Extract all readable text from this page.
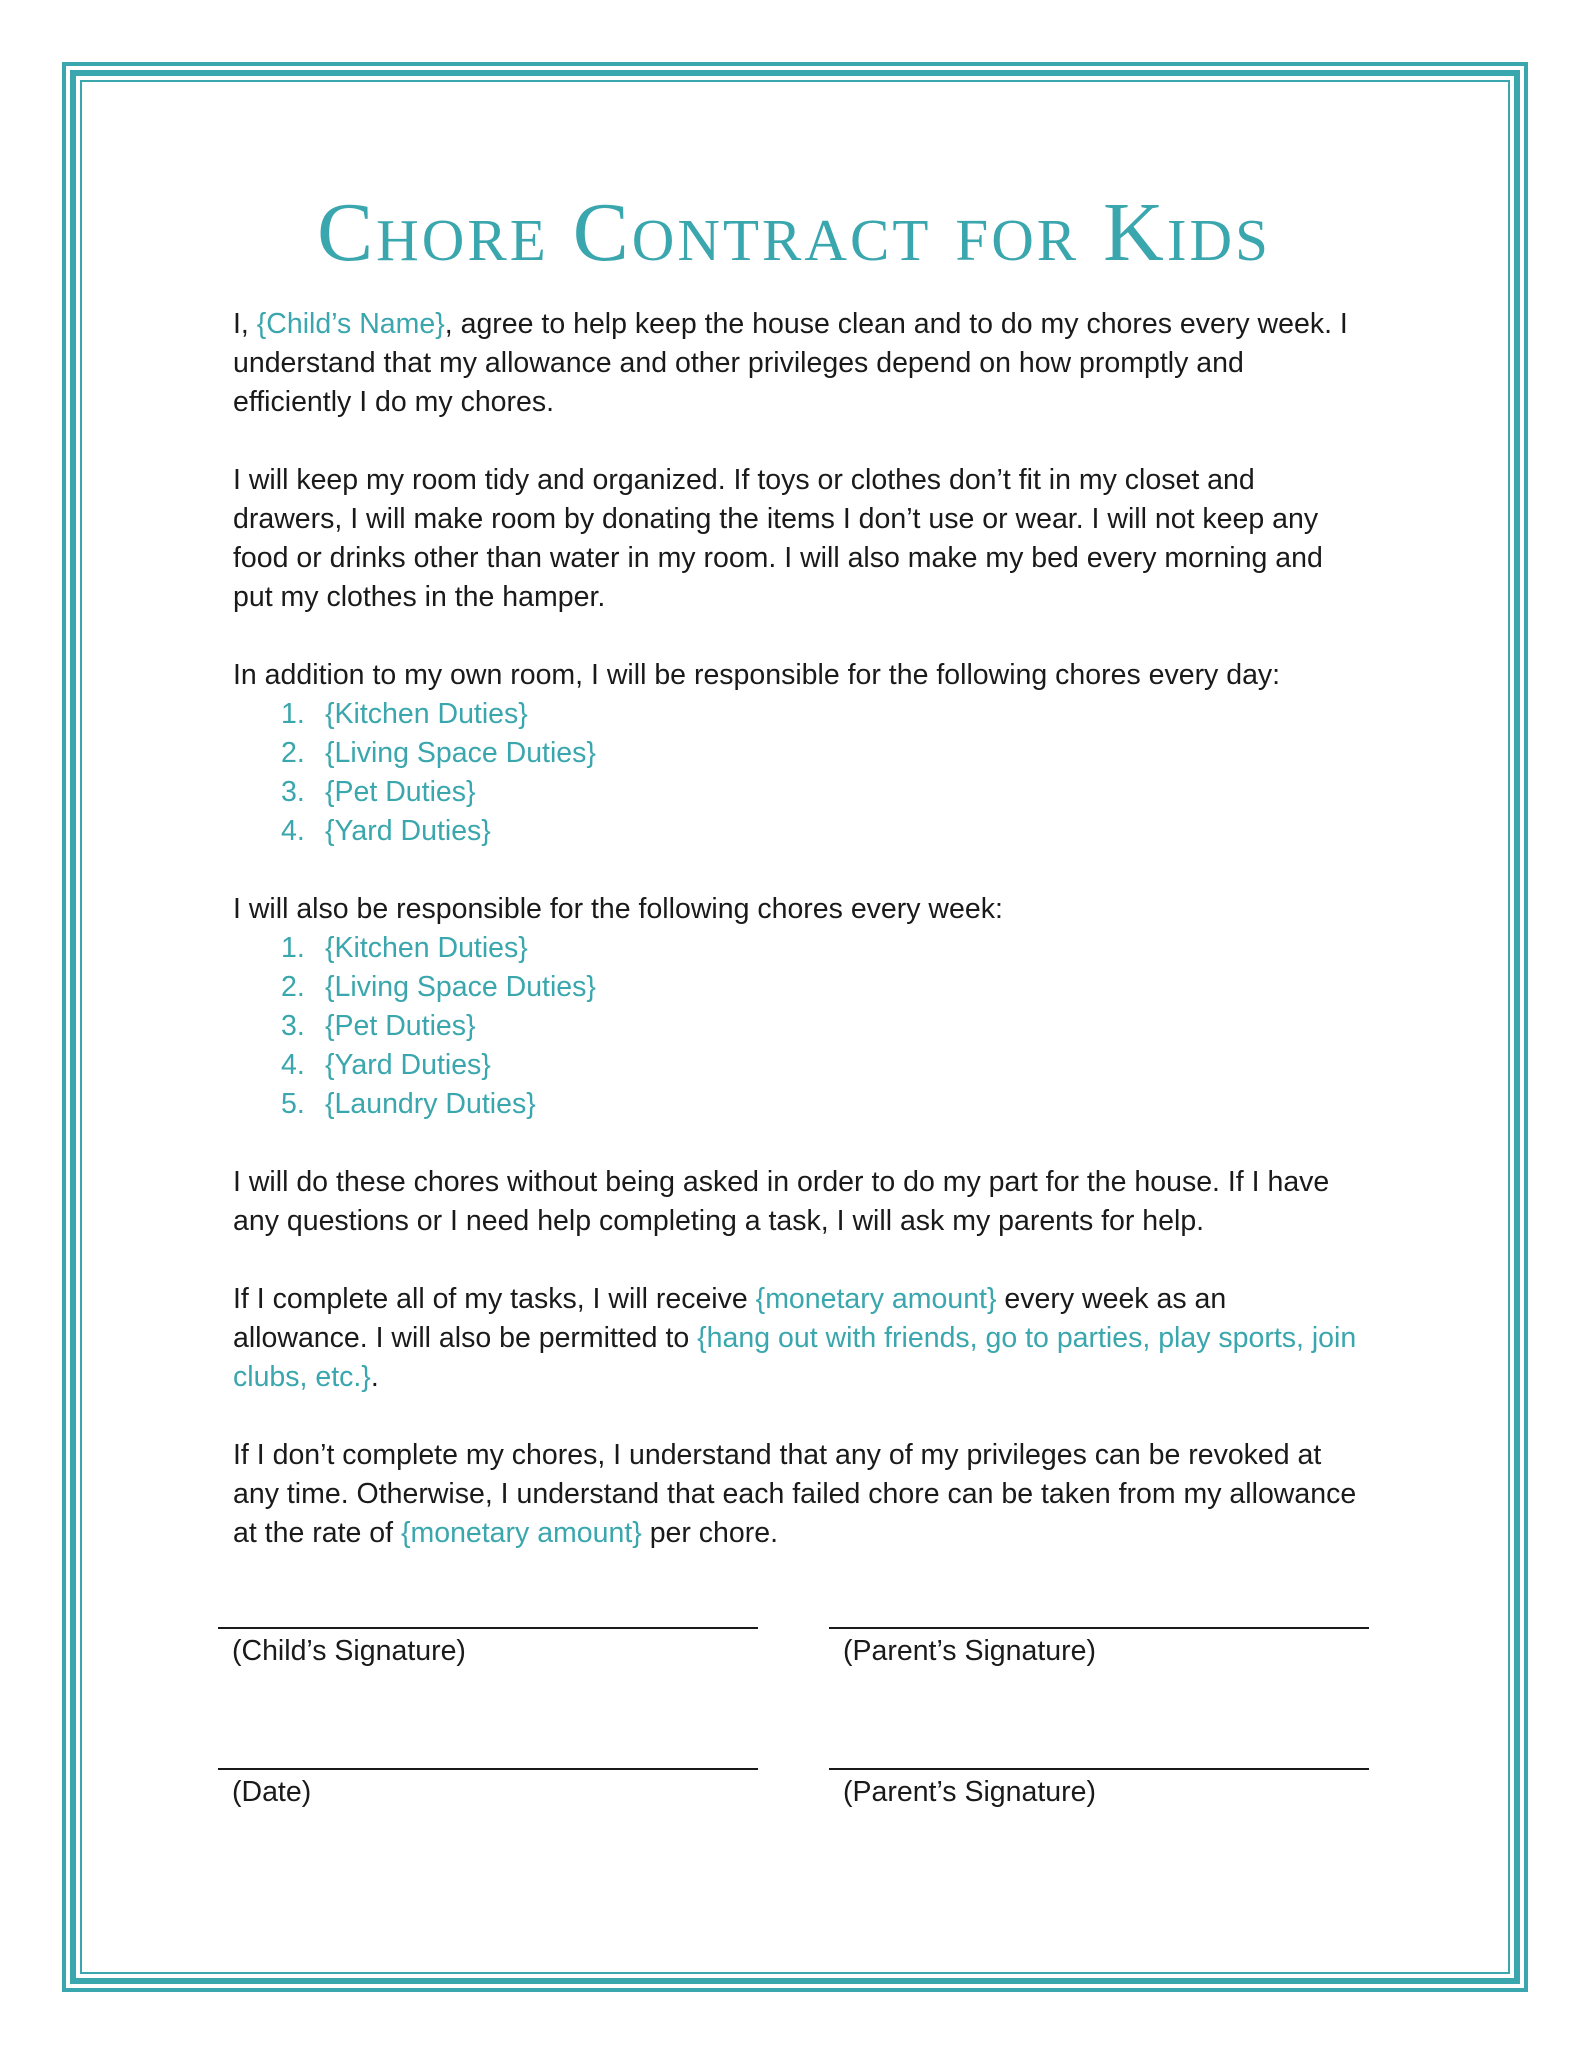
Chore Contract for Kids

I, {Child’s Name}, agree to help keep the house clean and to do my chores every week. I understand that my allowance and other privileges depend on how promptly and efficiently I do my chores.

I will keep my room tidy and organized. If toys or clothes don’t fit in my closet and drawers, I will make room by donating the items I don’t use or wear. I will not keep any food or drinks other than water in my room. I will also make my bed every morning and put my clothes in the hamper.

In addition to my own room, I will be responsible for the following chores every day:

1. {Kitchen Duties}
2. {Living Space Duties}
3. {Pet Duties}
4. {Yard Duties}

I will also be responsible for the following chores every week:

1. {Kitchen Duties}
2. {Living Space Duties}
3. {Pet Duties}
4. {Yard Duties}
5. {Laundry Duties}

I will do these chores without being asked in order to do my part for the house. If I have any questions or I need help completing a task, I will ask my parents for help.

If I complete all of my tasks, I will receive {monetary amount} every week as an allowance. I will also be permitted to {hang out with friends, go to parties, play sports, join clubs, etc.}.

If I don’t complete my chores, I understand that any of my privileges can be revoked at any time. Otherwise, I understand that each failed chore can be taken from my allowance at the rate of {monetary amount} per chore.

(Child’s Signature)	(Parent’s Signature)
(Date)	(Parent’s Signature)
